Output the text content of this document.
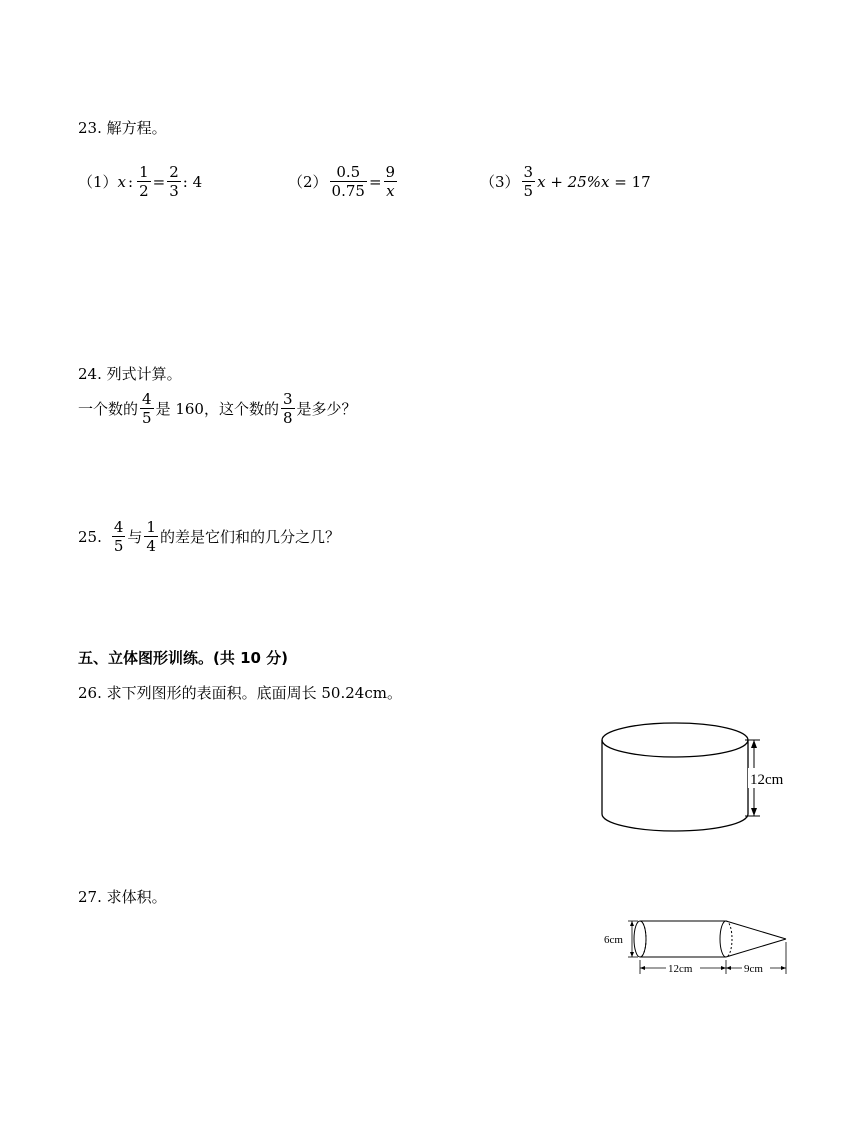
23. 解方程。
（1） x : $\frac{1}{2} = \frac{2}{3}$ : 4	$(2) \frac{0.5}{0.75} = \frac{9}{x}$	$(3) \frac{3}{5}$ x + 25% x = 17
24. 列式计算。
一个数的 $\frac{4}{5}$ 是 160，这个数的 $\frac{3}{8}$ 是多少？
25. $\frac{4}{5}$ 与 $\frac{1}{4}$ 的差是它们和的几分之几？
五、立体图形训练。(共 10 分)
26. 求下列图形的表面积。底面周长 50.24cm。
12cm
27. 求体积。
6cm
12cm	9cm
